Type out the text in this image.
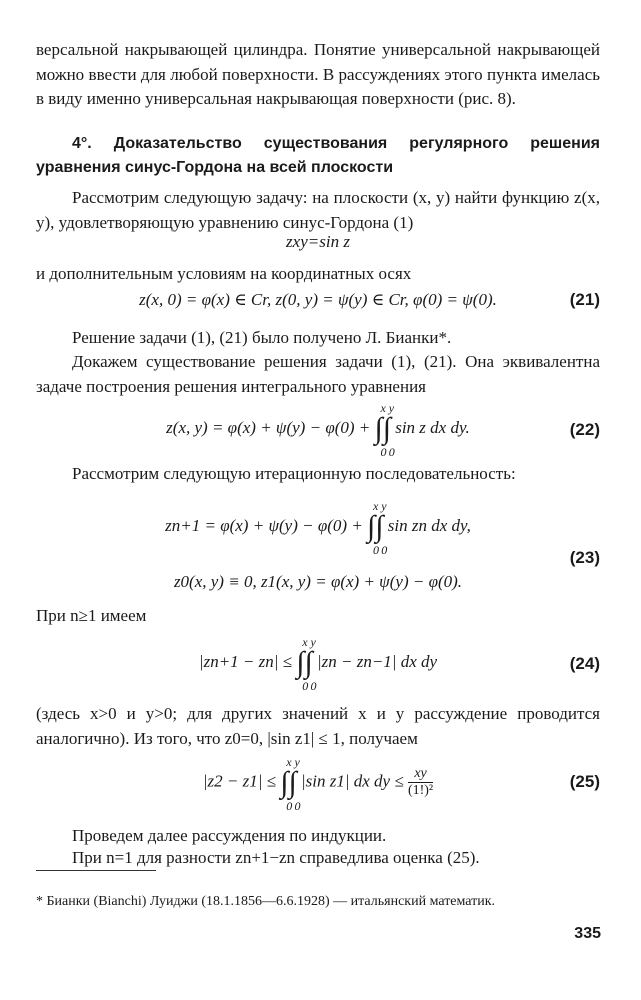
версальной накрывающей цилиндра. Понятие универсальной накрывающей можно ввести для любой поверхности. В рассуждениях этого пункта имелась в виду именно универсальная накрывающая поверхности (рис. 8).

4°. Доказательство существования регулярного решения уравнения синус-Гордона на всей плоскости

Рассмотрим следующую задачу: на плоскости (x, y) найти функцию z(x, y), удовлетворяющую уравнению синус-Гордона (1)

zxy=sin z

и дополнительным условиям на координатных осях

z(x, 0) = φ(x) ∈ Cr, z(0, y) = ψ(y) ∈ Cr, φ(0) = ψ(0).	(21)

Решение задачи (1), (21) было получено Л. Бианки*.

Докажем существование решения задачи (1), (21). Она эквивалентна задаче построения решения интегрального уравнения

z(x, y) = φ(x) + ψ(y) − φ(0) + ∫
x
0
∫
y
0
sin z dx dy.	(22)

Рассмотрим следующую итерационную последовательность:

zn+1 = φ(x) + ψ(y) − φ(0) + ∫
x
0
∫
y
0
sin zn dx dy,
(23)
z0(x, y) ≡ 0, z1(x, y) = φ(x) + ψ(y) − φ(0).

При n≥1 имеем

|zn+1 − zn| ≤ ∫
x
0
∫
y
0
|zn − zn−1| dx dy	(24)

(здесь x>0 и y>0; для других значений x и y рассуждение проводится аналогично). Из того, что z0=0, |sin z1| ≤ 1, получаем

|z2 − z1| ≤ ∫
x
0
∫
y
0
|sin z1| dx dy ≤ $\frac{xy}{\text{(1!)²}}$	(25)

Проведем далее рассуждения по индукции.

При n=1 для разности zn+1−zn справедлива оценка (25).

* Бианки (Bianchi) Луиджи (18.1.1856—6.6.1928) — итальянский математик.

335
